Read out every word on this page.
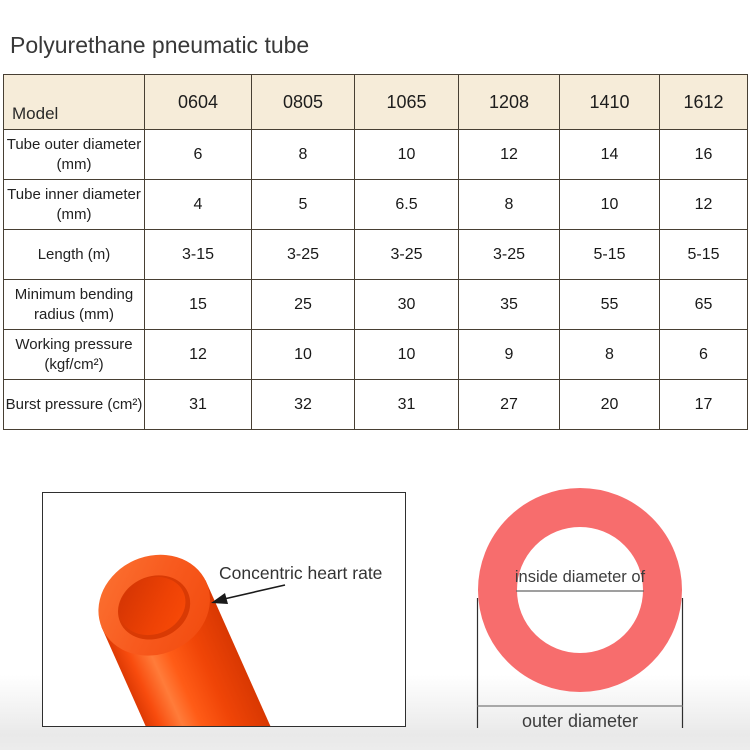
Polyurethane pneumatic tube
Model	0604	0805	1065	1208	1410	1612

Tube outer diameter
(mm)	6	8	10	12	14	16

Tube inner diameter
(mm)	4	5	6.5	8	10	12

Length (m)	3-15	3-25	3-25	3-25	5-15	5-15

Minimum bending
radius (mm)	15	25	30	35	55	65

Working pressure
(kgf/cm²)	12	10	10	9	8	6

Burst pressure (cm²)	31	32	31	27	20	17
Concentric heart rate	inside diameter of
outer diameter
